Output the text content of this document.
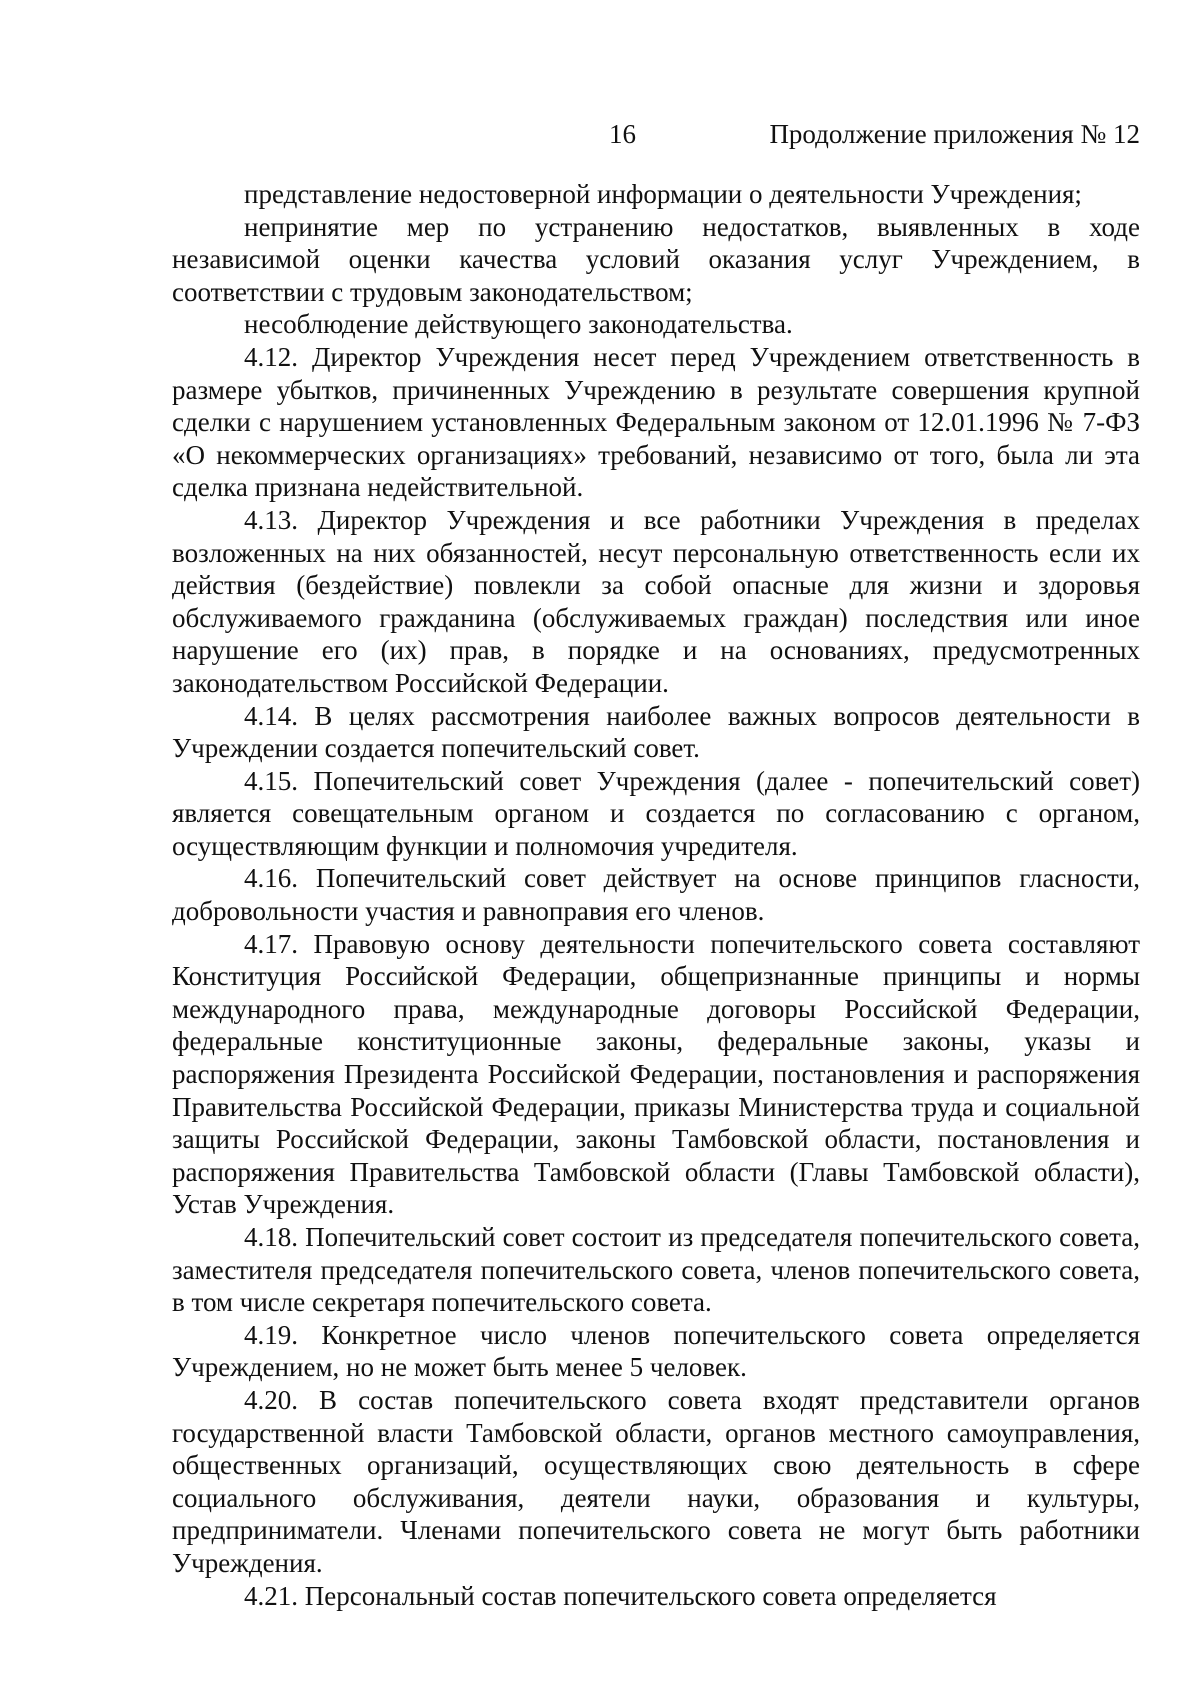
16	Продолжение приложения № 12

представление недостоверной информации о деятельности Учреждения;

непринятие мер по устранению недостатков, выявленных в ходе независимой оценки качества условий оказания услуг Учреждением, в соответствии с трудовым законодательством;

несоблюдение действующего законодательства.

4.12. Директор Учреждения несет перед Учреждением ответственность в размере убытков, причиненных Учреждению в результате совершения крупной сделки с нарушением установленных Федеральным законом от 12.01.1996 № 7-ФЗ «О некоммерческих организациях» требований, независимо от того, была ли эта сделка признана недействительной.

4.13. Директор Учреждения и все работники Учреждения в пределах возложенных на них обязанностей, несут персональную ответственность если их действия (бездействие) повлекли за собой опасные для жизни и здоровья обслуживаемого гражданина (обслуживаемых граждан) последствия или иное нарушение его (их) прав, в порядке и на основаниях, предусмотренных законодательством Российской Федерации.

4.14. В целях рассмотрения наиболее важных вопросов деятельности в Учреждении создается попечительский совет.

4.15. Попечительский совет Учреждения (далее - попечительский совет) является совещательным органом и создается по согласованию с органом, осуществляющим функции и полномочия учредителя.

4.16. Попечительский совет действует на основе принципов гласности, добровольности участия и равноправия его членов.

4.17. Правовую основу деятельности попечительского совета составляют Конституция Российской Федерации, общепризнанные принципы и нормы международного права, международные договоры Российской Федерации, федеральные конституционные законы, федеральные законы, указы и распоряжения Президента Российской Федерации, постановления и распоряжения Правительства Российской Федерации, приказы Министерства труда и социальной защиты Российской Федерации, законы Тамбовской области, постановления и распоряжения Правительства Тамбовской области (Главы Тамбовской области), Устав Учреждения.

4.18. Попечительский совет состоит из председателя попечительского совета, заместителя председателя попечительского совета, членов попечительского совета, в том числе секретаря попечительского совета.

4.19. Конкретное число членов попечительского совета определяется Учреждением, но не может быть менее 5 человек.

4.20. В состав попечительского совета входят представители органов государственной власти Тамбовской области, органов местного самоуправления, общественных организаций, осуществляющих свою деятельность в сфере социального обслуживания, деятели науки, образования и культуры, предприниматели. Членами попечительского совета не могут быть работники Учреждения.

4.21. Персональный состав попечительского совета определяется
